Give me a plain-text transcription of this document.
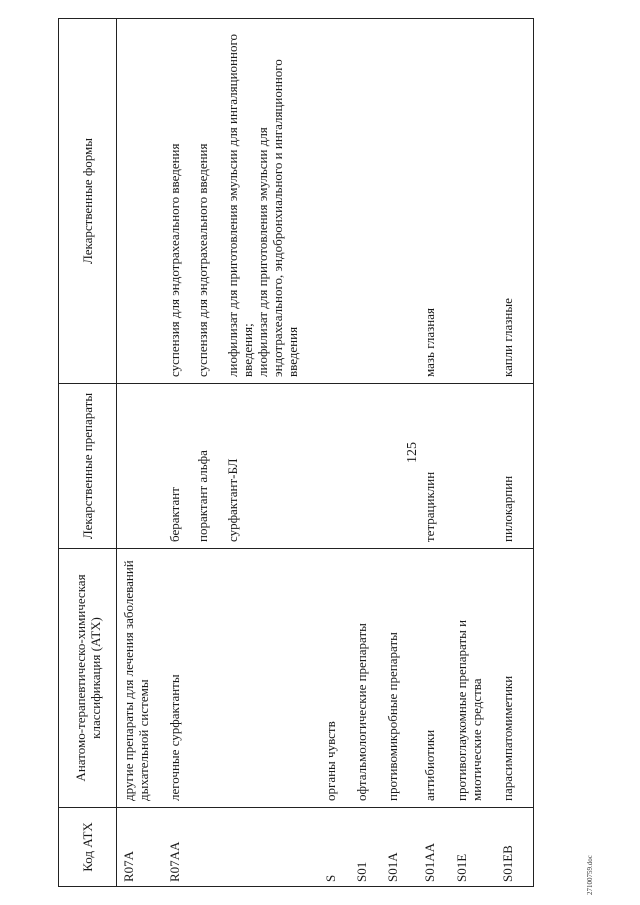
125
Код АТХ	Анатомо-терапевтическо-химическая классификация (АТХ)	Лекарственные препараты	Лекарственные формы
R07A	другие препараты для лечения заболеваний дыхательной системы		
R07AA	легочные сурфактанты	берактант	суспензия для эндотрахеального введения
		порактант альфа	суспензия для эндотрахеального введения
		сурфактант-БЛ	лиофилизат для приготовления эмульсии для ингаляционного введения;
лиофилизат для приготовления эмульсии для эндотрахеального, эндобронхиального и ингаляционного введения
S	органы чувств		
S01	офтальмологические препараты		
S01A	противомикробные препараты		
S01AA	антибиотики	тетрациклин	мазь глазная
S01E	противоглаукомные препараты и миотические средства		
S01EB	парасимпатомиметики	пилокарпин	капли глазные
27100759.doc
